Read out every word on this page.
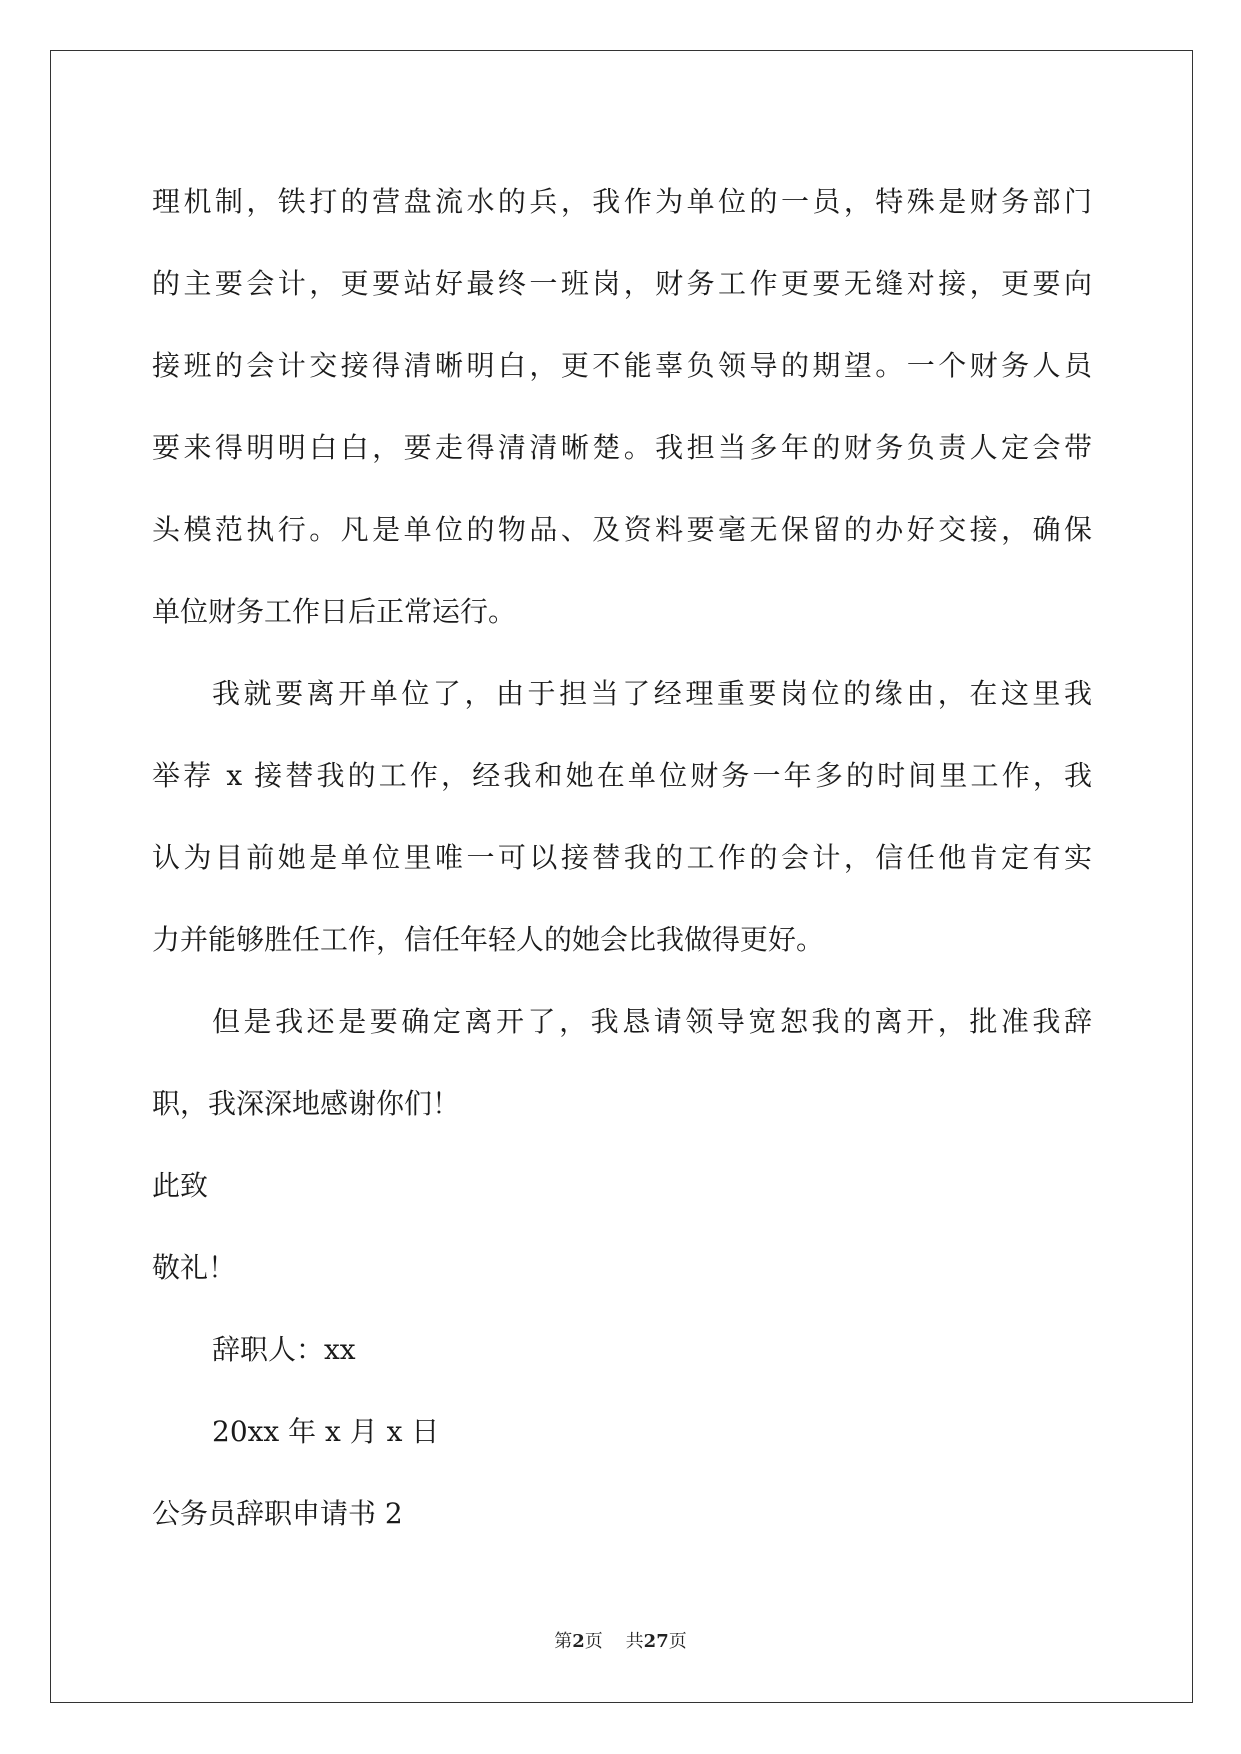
理机制，铁打的营盘流水的兵，我作为单位的一员，特殊是财务部门
的主要会计，更要站好最终一班岗，财务工作更要无缝对接，更要向
接班的会计交接得清晰明白，更不能辜负领导的期望。一个财务人员
要来得明明白白，要走得清清晰楚。我担当多年的财务负责人定会带
头模范执行。凡是单位的物品、及资料要毫无保留的办好交接，确保
单位财务工作日后正常运行。
我就要离开单位了，由于担当了经理重要岗位的缘由，在这里我
举荐 x 接替我的工作，经我和她在单位财务一年多的时间里工作，我
认为目前她是单位里唯一可以接替我的工作的会计，信任他肯定有实
力并能够胜任工作，信任年轻人的她会比我做得更好。
但是我还是要确定离开了，我恳请领导宽恕我的离开，批准我辞
职，我深深地感谢你们！
此致
敬礼！
辞职人：xx
20xx 年 x 月 x 日
公务员辞职申请书 2
第2页 共27页
